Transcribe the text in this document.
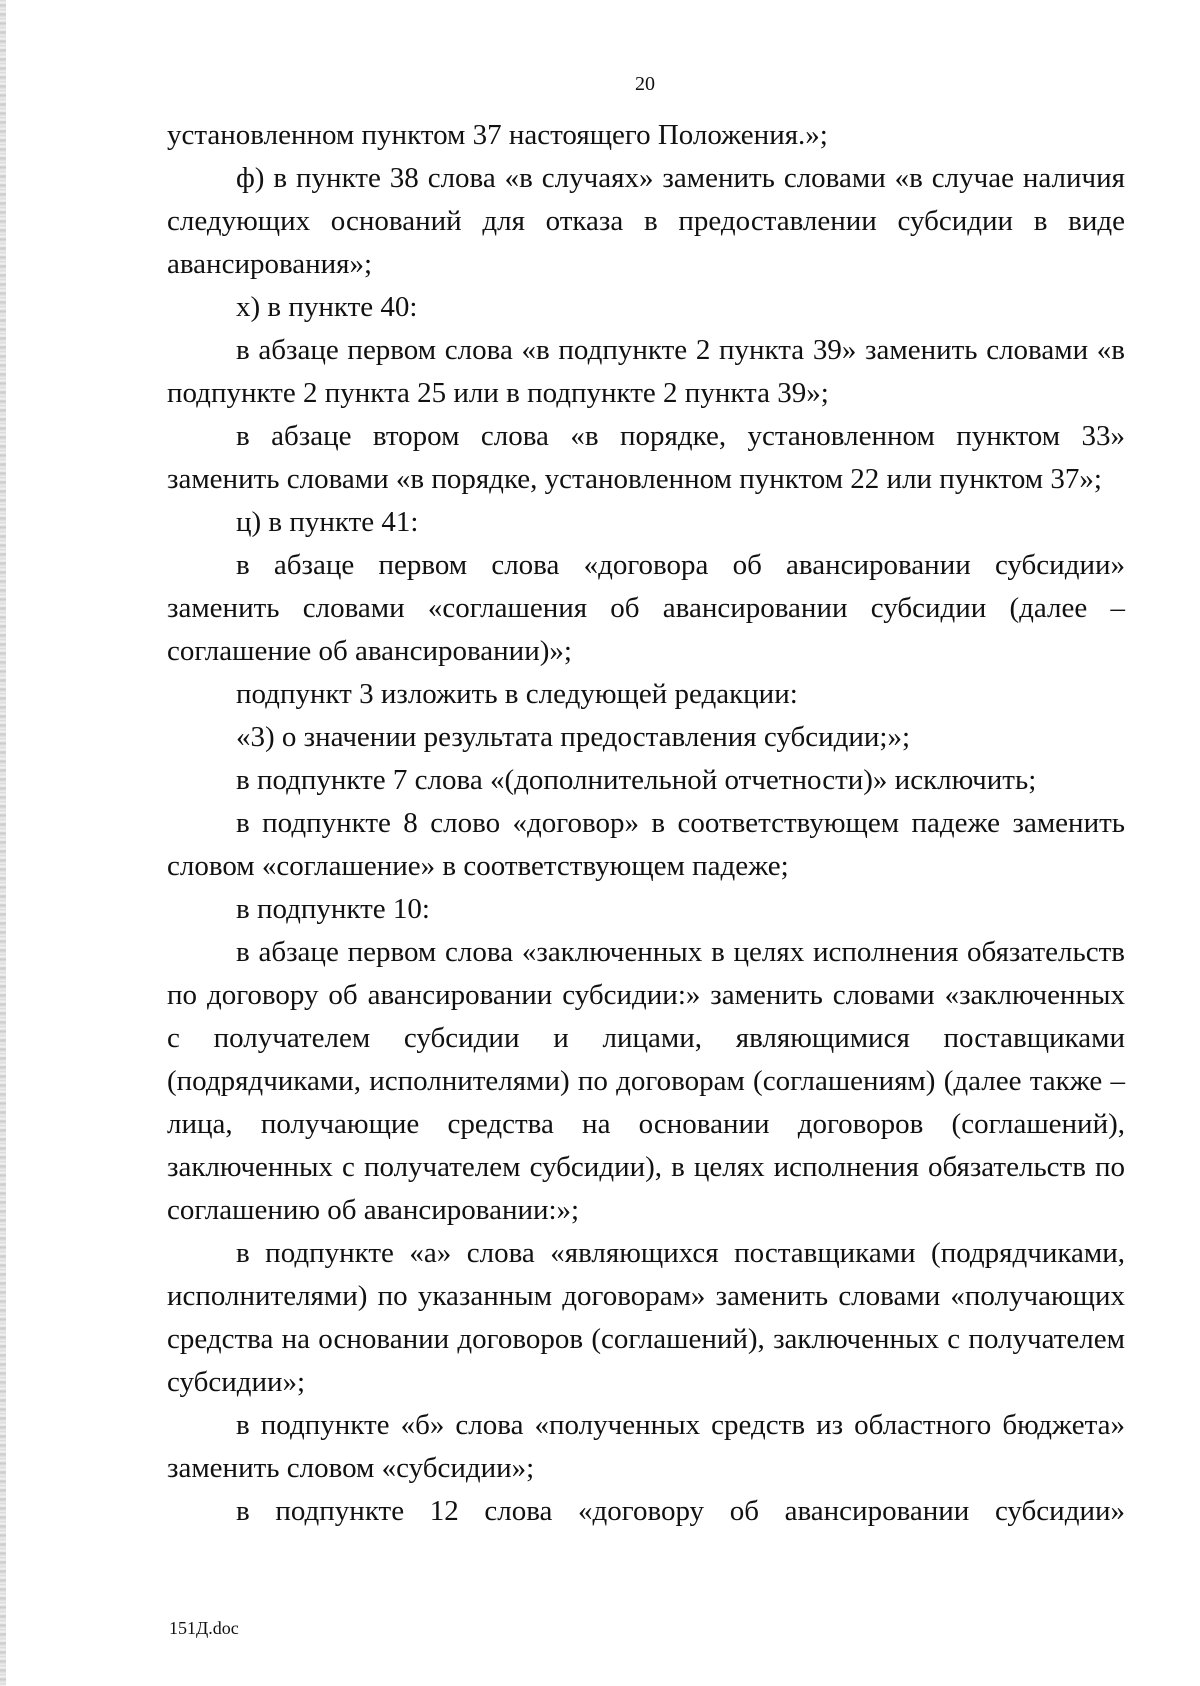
20

установленном пунктом 37 настоящего Положения.»;

ф) в пункте 38 слова «в случаях» заменить словами «в случае наличия следующих оснований для отказа в предоставлении субсидии в виде авансирования»;

х) в пункте 40:

в абзаце первом слова «в подпункте 2 пункта 39» заменить словами «в подпункте 2 пункта 25 или в подпункте 2 пункта 39»;

в абзаце втором слова «в порядке, установленном пунктом 33» заменить словами «в порядке, установленном пунктом 22 или пунктом 37»;

ц) в пункте 41:

в абзаце первом слова «договора об авансировании субсидии» заменить словами «соглашения об авансировании субсидии (далее – соглашение об авансировании)»;

подпункт 3 изложить в следующей редакции:

«3) о значении результата предоставления субсидии;»;

в подпункте 7 слова «(дополнительной отчетности)» исключить;

в подпункте 8 слово «договор» в соответствующем падеже заменить словом «соглашение» в соответствующем падеже;

в подпункте 10:

в абзаце первом слова «заключенных в целях исполнения обязательств по договору об авансировании субсидии:» заменить словами «заключенных с получателем субсидии и лицами, являющимися поставщиками (подрядчиками, исполнителями) по договорам (соглашениям) (далее также – лица, получающие средства на основании договоров (соглашений), заключенных с получателем субсидии), в целях исполнения обязательств по соглашению об авансировании:»;

в подпункте «а» слова «являющихся поставщиками (подрядчиками, исполнителями) по указанным договорам» заменить словами «получающих средства на основании договоров (соглашений), заключенных с получателем субсидии»;

в подпункте «б» слова «полученных средств из областного бюджета» заменить словом «субсидии»;

в подпункте 12 слова «договору об авансировании субсидии»

151Д.doc
